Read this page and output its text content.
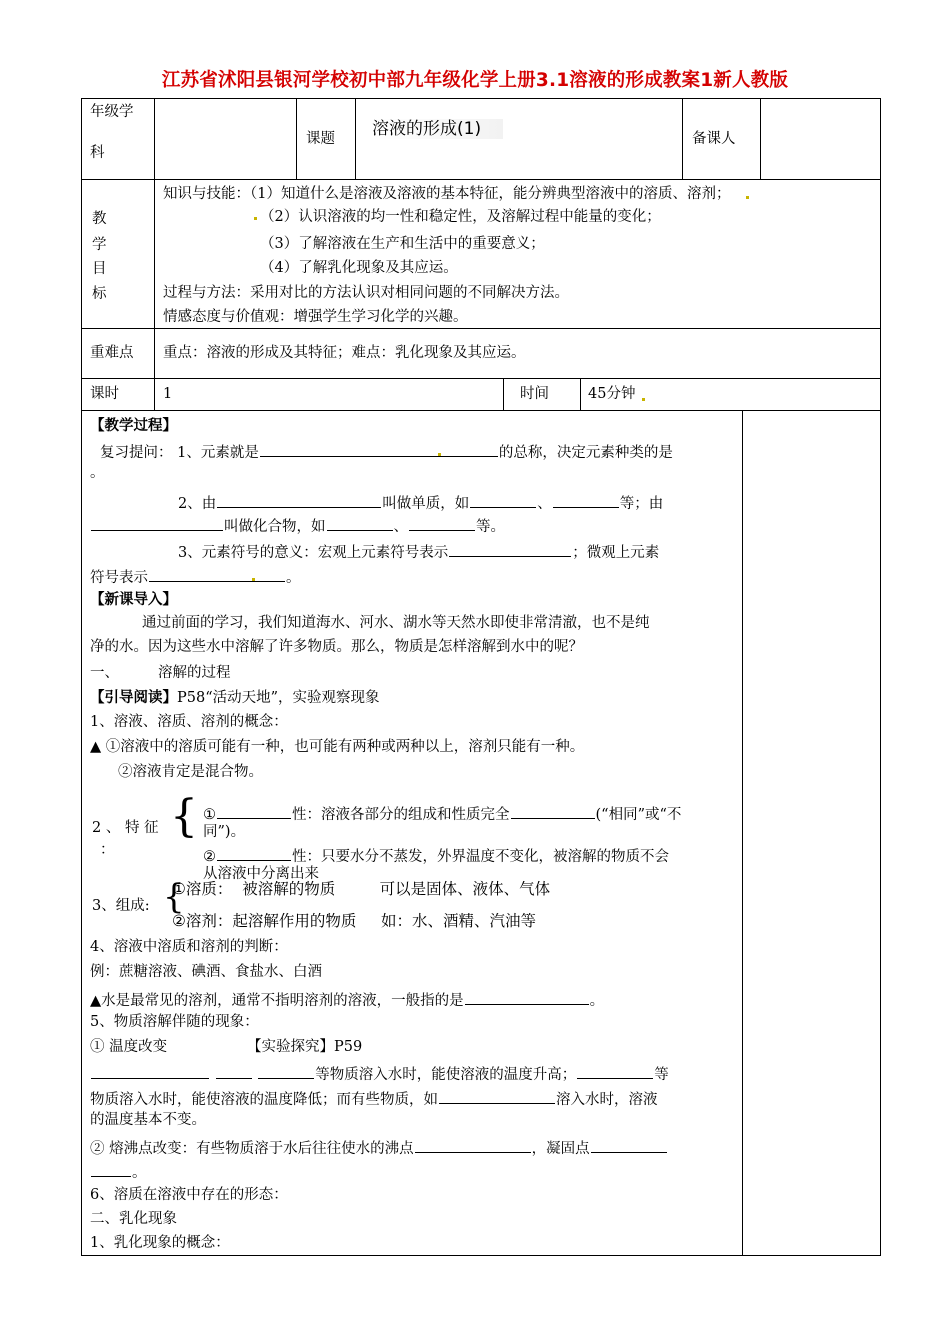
江苏省沭阳县银河学校初中部九年级化学上册3.1溶液的形成教案1新人教版
年级学
科
课题 溶液的形成(1)	备课人
教
学
目
标
知识与技能：（1）知道什么是溶液及溶液的基本特征，能分辨典型溶液中的溶质、溶剂；
（2）认识溶液的均一性和稳定性，及溶解过程中能量的变化；
（3）了解溶液在生产和生活中的重要意义；
（4）了解乳化现象及其应运。
过程与方法：采用对比的方法认识对相同问题的不同解决方法。
情感态度与价值观：增强学生学习化学的兴趣。
重难点 重点：溶液的形成及其特征；难点：乳化现象及其应运。
课时	1	时间	45分钟
【教学过程】
复习提问： 1、元素就是	的总称，决定元素种类的是
。
2、由	叫做单质，如	、	等；由
叫做化合物，如	、	等。
3、元素符号的意义：宏观上元素符号表示	；微观上元素
符号表示	。
【新课导入】
通过前面的学习，我们知道海水、河水、湖水等天然水即使非常清澈，也不是纯
净的水。因为这些水中溶解了许多物质。那么，物质是怎样溶解到水中的呢？
一、	溶解的过程
【引导阅读】P58“活动天地”，实验观察现象
1、溶液、溶质、溶剂的概念：
▲ ①溶液中的溶质可能有一种，也可能有两种或两种以上，溶剂只能有一种。
②溶液肯定是混合物。
2 、 特 征
：
{ ①	性：溶液各部分的组成和性质完全	(“相同”或“不
同”)。
②	性：只要水分不蒸发，外界温度不变化，被溶解的物质不会
从溶液中分离出来
3、组成: {
①溶质：  被溶解的物质         可以是固体、液体、气体
②溶剂：起溶解作用的物质     如：水、酒精、汽油等
4、溶液中溶质和溶剂的判断：
例：蔗糖溶液、碘酒、食盐水、白酒
▲水是最常见的溶剂，通常不指明溶剂的溶液，一般指的是	。
5、物质溶解伴随的现象：
① 温度改变	【实验探究】P59
等物质溶入水时，能使溶液的温度升高；	等
物质溶入水时，能使溶液的温度降低；而有些物质，如	溶入水时，溶液
的温度基本不变。
② 熔沸点改变：有些物质溶于水后往往使水的沸点	，凝固点
。
6、溶质在溶液中存在的形态：
二、乳化现象
1、乳化现象的概念：
